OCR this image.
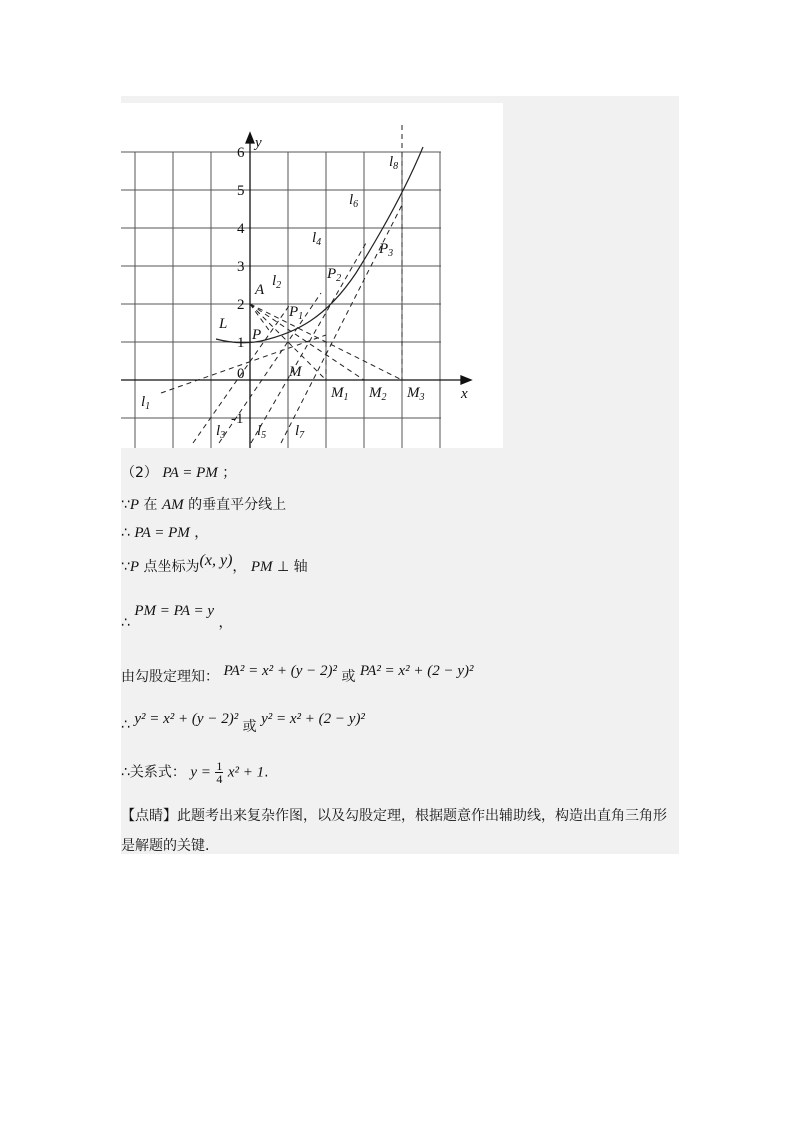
6
5
4
3
2
1
0
-1
y
x
A
L
P
$P_1$
$P_2$
$P_3$
M
$M_1$ $M_2$ $M_3$
$l_1$
$l_2$
$l_3$
$l_4$
$l_5$
$l_6$
$l_7$
$l_8$
（2） PA = PM ；
∵P 在 AM 的垂直平分线上
∴ PA = PM ，
∵P 点坐标为(x, y)， PM ⊥ 轴
∴ PM = PA = y ，
由勾股定理知： PA² = x² + (y − 2)² 或 PA² = x² + (2 − y)²
∴ y² = x² + (y − 2)² 或 y² = x² + (2 − y)²
∴关系式： $y = \frac{1}{4} x^2 + 1$.
【点睛】此题考出来复杂作图，以及勾股定理，根据题意作出辅助线，构造出直角三角形是解题的关键.
